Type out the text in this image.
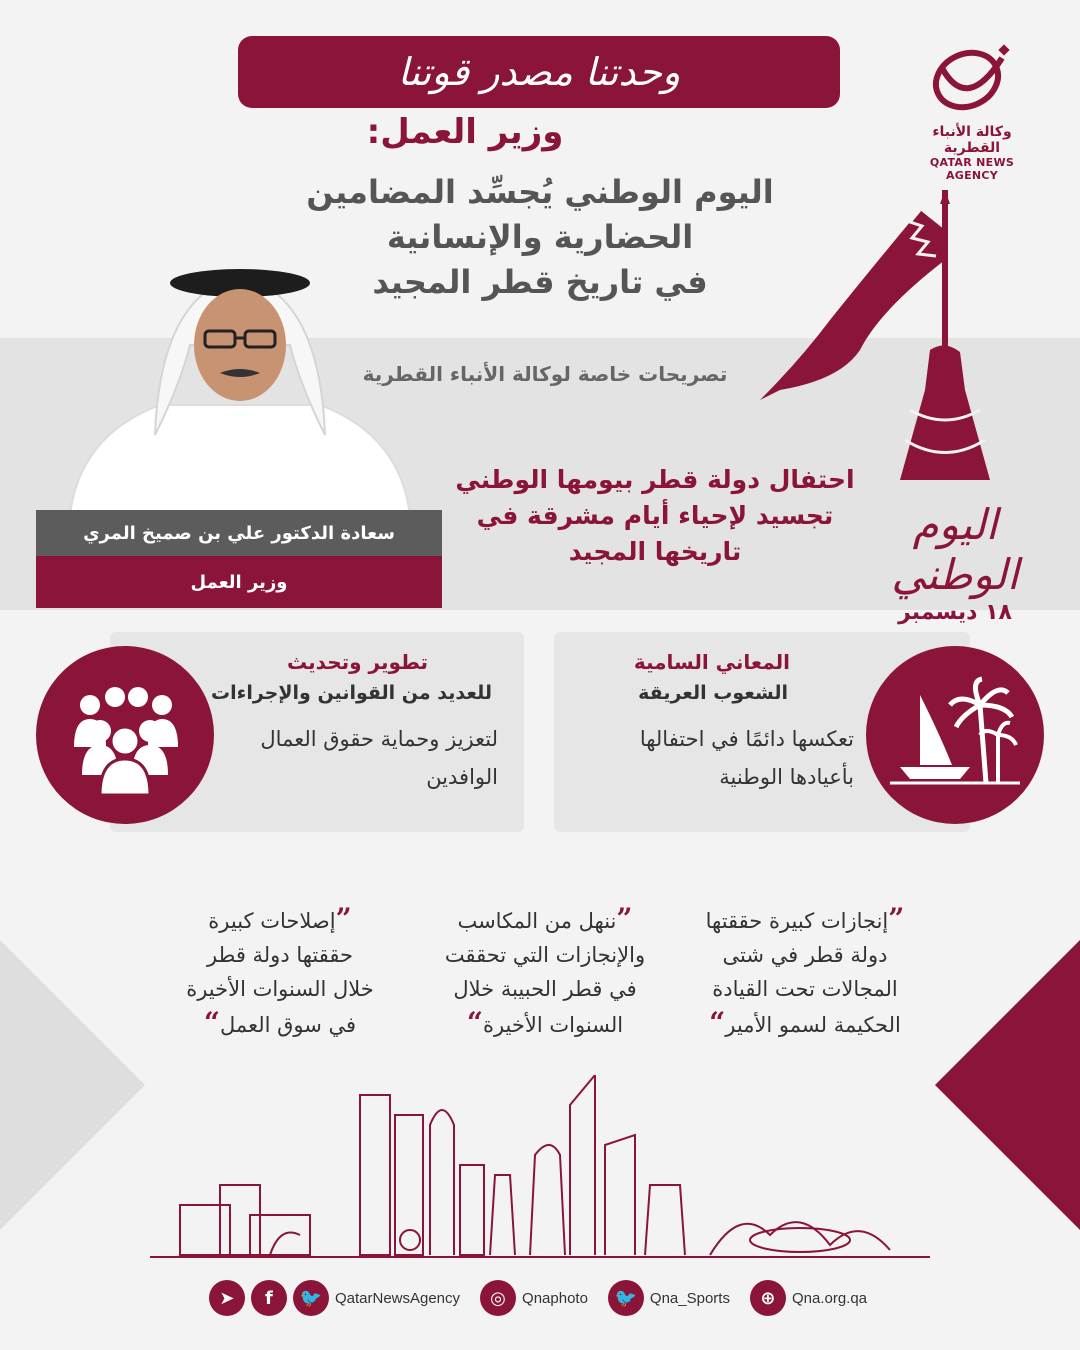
وحدتنا مصدر قوتنا
وكالة الأنباء القطرية
QATAR NEWS AGENCY
وزير العمل:
اليوم الوطني يُجسِّد المضامين
الحضارية والإنسانية
في تاريخ قطر المجيد
تصريحات خاصة لوكالة الأنباء القطرية
احتفال دولة قطر بيومها الوطني
تجسيد لإحياء أيام مشرقة في
تاريخها المجيد
سعادة الدكتور علي بن صميخ المري
وزير العمل
اليوم الوطني
١٨ ديسمبر
المعاني السامية
الشعوب العريقة
تعكسها دائمًا في احتفالها
بأعيادها الوطنية
تطوير وتحديث
للعديد من القوانين والإجراءات
لتعزيز وحماية حقوق العمال
الوافدين
”إنجازات كبيرة حققتها
دولة قطر في شتى
المجالات تحت القيادة
الحكيمة لسمو الأمير“
”ننهل من المكاسب
والإنجازات التي تحققت
في قطر الحبيبة خلال
السنوات الأخيرة“
”إصلاحات كبيرة
حققتها دولة قطر
خلال السنوات الأخيرة
في سوق العمل“
➤ f 🐦 QatarNewsAgency ◎ Qnaphoto 🐦 Qna_Sports ⊕ Qna.org.qa
